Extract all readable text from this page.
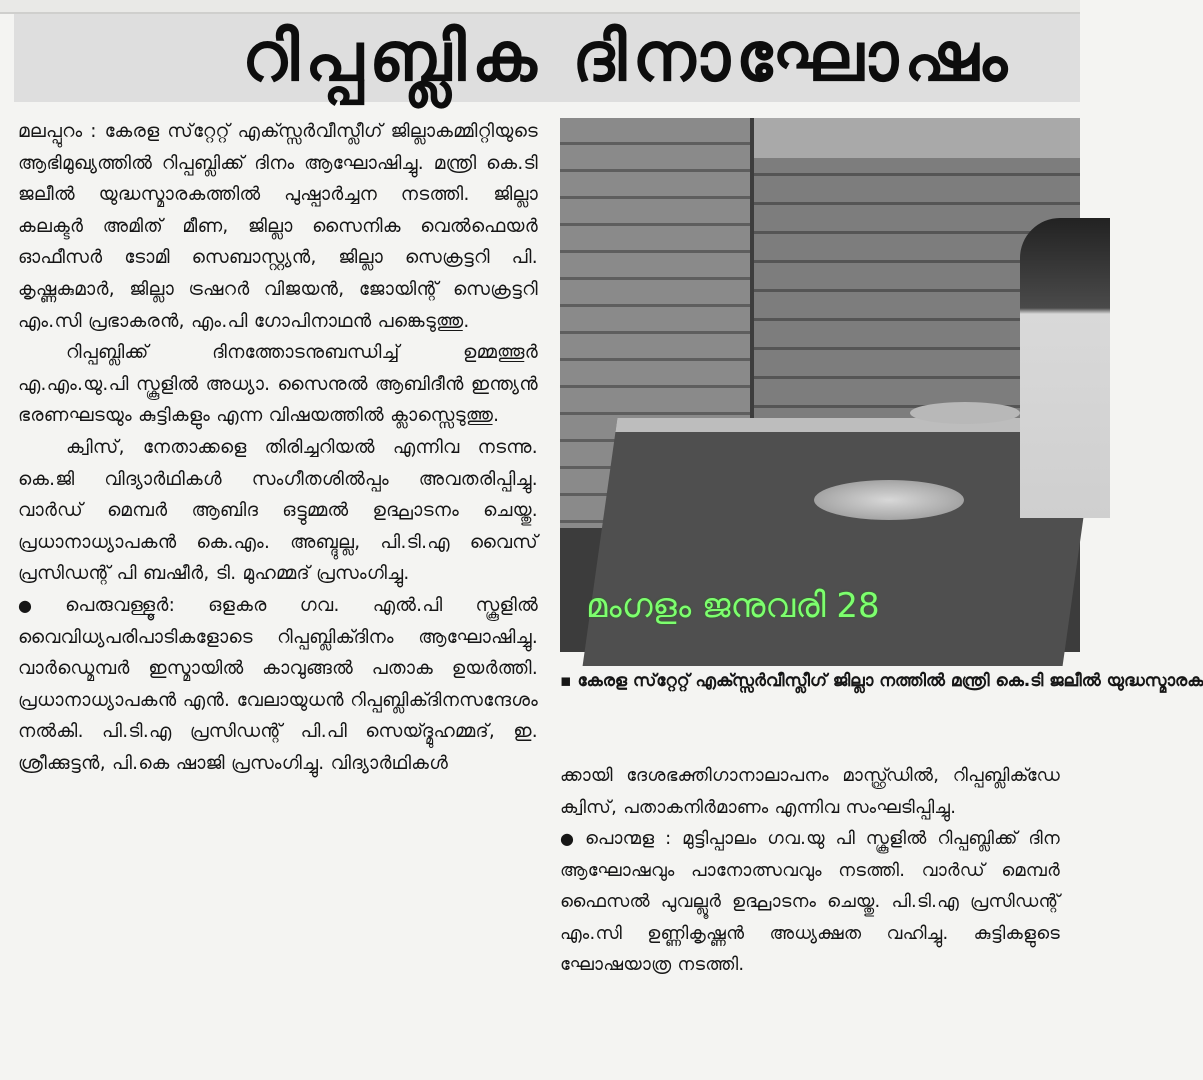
റിപ്പബ്ലിക ദിനാഘോഷം

മലപ്പുറം : കേരള സ്‌റ്റേറ്റ് എക്സ്സർവീസ്ലീഗ് ജില്ലാകമ്മിറ്റിയുടെ ആഭിമുഖ്യത്തിൽ റിപ്പബ്ലിക്ക് ദിനം ആഘോഷിച്ചു. മന്ത്രി കെ.ടി ജലീൽ യുദ്ധസ്മാരകത്തിൽ പുഷ്പാർച്ചന നടത്തി. ജില്ലാ കലക്ടർ അമിത് മീണ, ജില്ലാ സൈനിക വെൽഫെയർ ഓഫീസർ ടോമി സെബാസ്റ്റ്യൻ, ജില്ലാ സെക്രട്ടറി പി. കൃഷ്ണകുമാർ, ജില്ലാ ട്രഷറർ വിജയൻ, ജോയിന്റ് സെക്രട്ടറി എം.സി പ്രഭാകരൻ, എം.പി ഗോപിനാഥൻ പങ്കെടുത്തു.

റിപ്പബ്ലിക്ക് ദിനത്തോടനുബന്ധിച്ച് ഉമ്മത്തൂർ എ.എം.യു.പി സ്കൂളിൽ അധ്യാ. സൈനുൽ ആബിദീൻ ഇന്ത്യൻ ഭരണഘടയും കുട്ടികളും എന്ന വിഷയത്തിൽ ക്ലാസ്സെടുത്തു.

ക്വിസ്, നേതാക്കളെ തിരിച്ചറിയൽ എന്നിവ നടന്നു. കെ.ജി വിദ്യാർഥികൾ സംഗീതശിൽപ്പം അവതരിപ്പിച്ചു. വാർഡ് മെമ്പർ ആബിദ ഒട്ടുമ്മൽ ഉദ്ഘാടനം ചെയ്തു. പ്രധാനാധ്യാപകൻ കെ.എം. അബ്ദുല്ല, പി.ടി.എ വൈസ് പ്രസിഡന്റ് പി ബഷീർ, ടി. മുഹമ്മദ് പ്രസംഗിച്ചു.

● പെരുവള്ളൂർ: ഒളകര ഗവ. എൽ.പി സ്കൂളിൽ വൈവിധ്യപരിപാടികളോടെ റിപ്പബ്ലിക്ദിനം ആഘോഷിച്ചു. വാർഡ്മെമ്പർ ഇസ്മായിൽ കാവുങ്ങൽ പതാക ഉയർത്തി. പ്രധാനാധ്യാപകൻ എൻ. വേലായുധൻ റിപ്പബ്ലിക്ദിനസന്ദേശം നൽകി. പി.ടി.എ പ്രസിഡന്റ് പി.പി സെയ്ദ്മുഹമ്മദ്, ഇ. ശ്രീക്കുട്ടൻ, പി.കെ ഷാജി പ്രസംഗിച്ചു. വിദ്യാർഥികൾ

മംഗളം ജനുവരി 28
▪ കേരള സ്‌റ്റേറ്റ് എക്സ്സർവീസ്ലീഗ് ജില്ലാ നത്തിൽ മന്ത്രി കെ.ടി ജലീൽ യുദ്ധസ്മാരക

ക്കായി ദേശഭക്തിഗാനാലാപനം മാസ്റ്റ്ഡ്രിൽ, റിപ്പബ്ലിക്ഡേ ക്വിസ്, പതാകനിർമാണം എന്നിവ സംഘടിപ്പിച്ചു.

● പൊന്മള : മുട്ടിപ്പാലം ഗവ.യു പി സ്കൂളിൽ റിപ്പബ്ലിക്ക് ദിന ആഘോഷവും പാനോത്സവവും നടത്തി. വാർഡ് മെമ്പർ ഫൈസൽ പുവല്ലൂർ ഉദ്ഘാടനം ചെയ്തു. പി.ടി.എ പ്രസിഡന്റ് എം.സി ഉണ്ണികൃഷ്ണൻ അധ്യക്ഷത വഹിച്ചു. കുട്ടികളുടെ ഘോഷയാത്ര നടത്തി.
